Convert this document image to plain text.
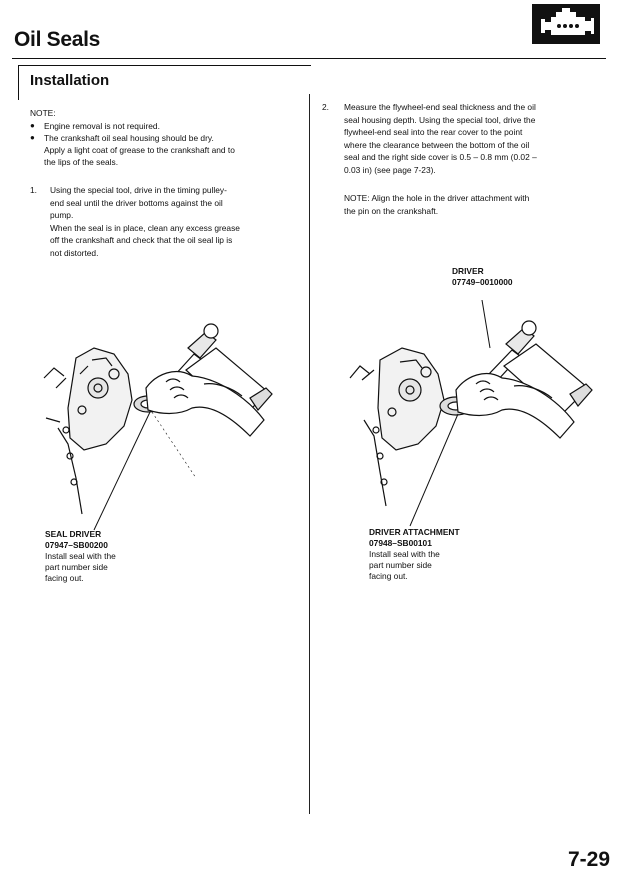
Oil Seals
Installation
NOTE:
● Engine removal is not required.
● The crankshaft oil seal housing should be dry.
Apply a light coat of grease to the crankshaft and to
the lips of the seals.
1. Using the special tool, drive in the timing pulley-
end seal until the driver bottoms against the oil
pump.
When the seal is in place, clean any excess grease
off the crankshaft and check that the oil seal lip is
not distorted.
SEAL DRIVER
07947–SB00200
Install seal with the
part number side
facing out.
2. Measure the flywheel-end seal thickness and the oil
seal housing depth. Using the special tool, drive the
flywheel-end seal into the rear cover to the point
where the clearance between the bottom of the oil
seal and the right side cover is 0.5 – 0.8 mm (0.02 –
0.03 in) (see page 7-23).
NOTE: Align the hole in the driver attachment with
the pin on the crankshaft.
DRIVER
07749–0010000
DRIVER ATTACHMENT
07948–SB00101
Install seal with the
part number side
facing out.
7-29
